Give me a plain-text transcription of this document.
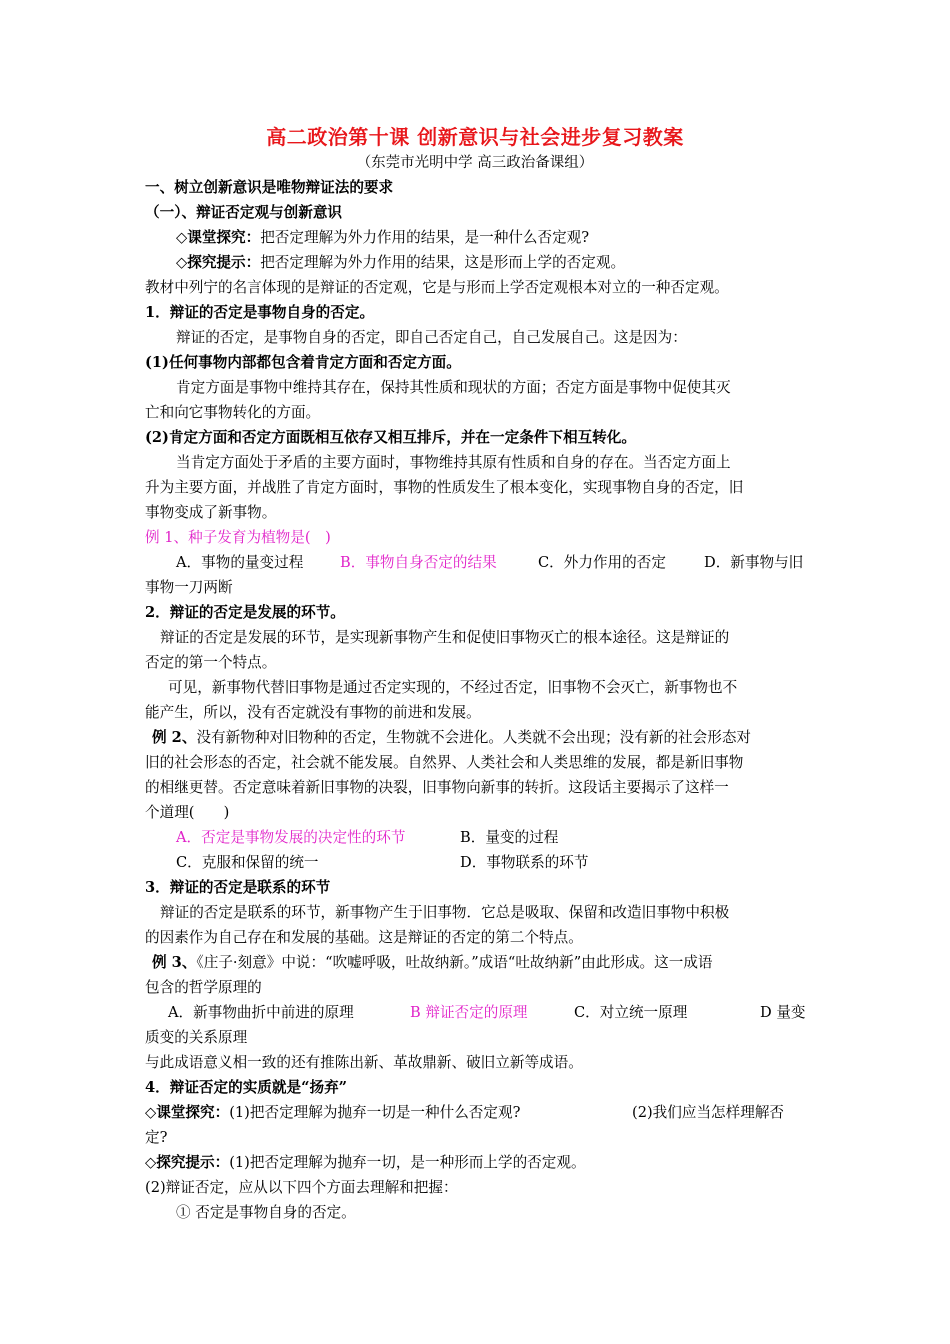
高二政治第十课 创新意识与社会进步复习教案
（东莞市光明中学 高三政治备课组）
一、树立创新意识是唯物辩证法的要求
（一）、辩证否定观与创新意识
◇课堂探究：把否定理解为外力作用的结果，是一种什么否定观?
◇探究提示：把否定理解为外力作用的结果，这是形而上学的否定观。
教材中列宁的名言体现的是辩证的否定观，它是与形而上学否定观根本对立的一种否定观。
1．辩证的否定是事物自身的否定。
辩证的否定，是事物自身的否定，即自己否定自己，自己发展自己。这是因为：
(1)任何事物内部都包含着肯定方面和否定方面。
肯定方面是事物中维持其存在，保持其性质和现状的方面；否定方面是事物中促使其灭
亡和向它事物转化的方面。
(2)肯定方面和否定方面既相互依存又相互排斥，并在一定条件下相互转化。
当肯定方面处于矛盾的主要方面时，事物维持其原有性质和自身的存在。当否定方面上
升为主要方面，并战胜了肯定方面时，事物的性质发生了根本变化，实现事物自身的否定，旧
事物变成了新事物。
例 1、种子发育为植物是(　)
A．事物的量变过程	B．事物自身否定的结果	C．外力作用的否定	D．新事物与旧
事物一刀两断
2．辩证的否定是发展的环节。
辩证的否定是发展的环节，是实现新事物产生和促使旧事物灭亡的根本途径。这是辩证的
否定的第一个特点。
可见，新事物代替旧事物是通过否定实现的，不经过否定，旧事物不会灭亡，新事物也不
能产生，所以，没有否定就没有事物的前进和发展。
例 2、没有新物种对旧物种的否定，生物就不会进化。人类就不会出现；没有新的社会形态对
旧的社会形态的否定，社会就不能发展。自然界、人类社会和人类思维的发展，都是新旧事物
的相继更替。否定意味着新旧事物的决裂，旧事物向新事的转折。这段话主要揭示了这样一
个道理(　　)
A．否定是事物发展的决定性的环节	B．量变的过程
C．克服和保留的统一	D．事物联系的环节
3．辩证的否定是联系的环节
辩证的否定是联系的环节，新事物产生于旧事物．它总是吸取、保留和改造旧事物中积极
的因素作为自己存在和发展的基础。这是辩证的否定的第二个特点。
例 3、《庄子·刻意》中说：“吹嘘呼吸，吐故纳新。”成语“吐故纳新”由此形成。这一成语
包含的哲学原理的
A．新事物曲折中前进的原理	B 辩证否定的原理	C．对立统一原理	D 量变
质变的关系原理
与此成语意义相一致的还有推陈出新、革故鼎新、破旧立新等成语。
4．辩证否定的实质就是“扬弃”
◇课堂探究：(1)把否定理解为抛弃一切是一种什么否定观?	(2)我们应当怎样理解否
定?
◇探究提示：(1)把否定理解为抛弃一切，是一种形而上学的否定观。
(2)辩证否定，应从以下四个方面去理解和把握：
① 否定是事物自身的否定。
